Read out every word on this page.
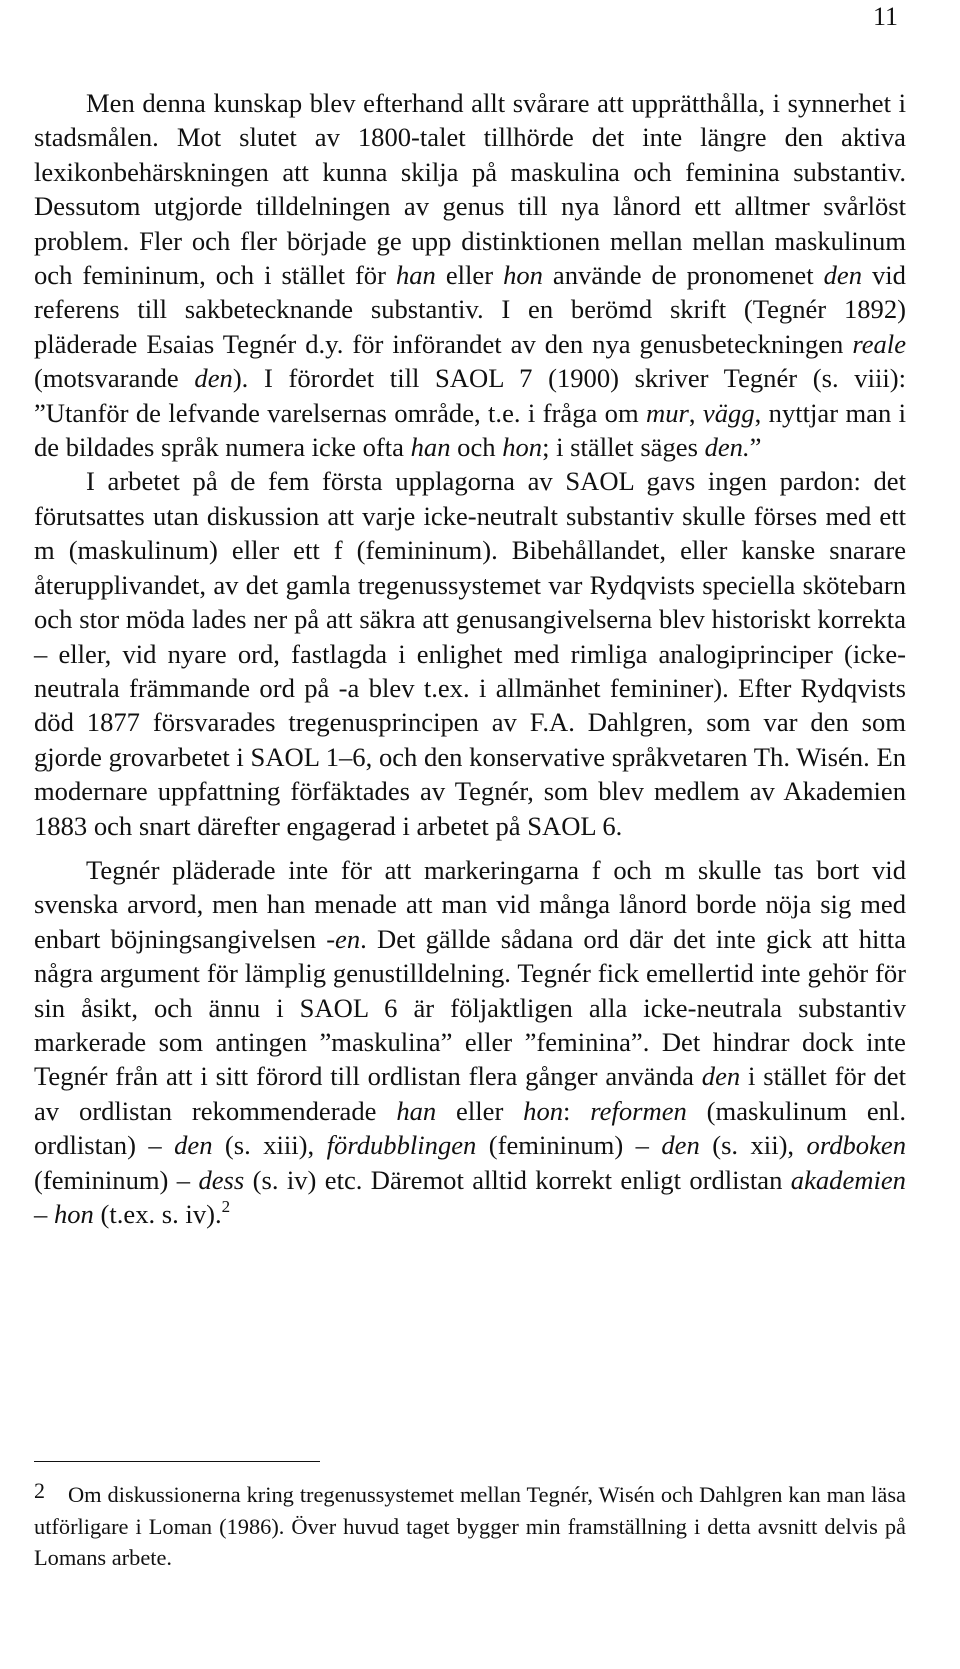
11

Men denna kunskap blev efterhand allt svårare att upprätthålla, i synnerhet i stadsmålen. Mot slutet av 1800-talet tillhörde det inte längre den aktiva lexikonbehärskningen att kunna skilja på maskulina och feminina substantiv. Dessutom utgjorde tilldelningen av genus till nya lånord ett alltmer svårlöst problem. Fler och fler började ge upp distinktionen mellan mellan maskulinum och femininum, och i stället för han eller hon använde de pronomenet den vid referens till sakbetecknande substantiv. I en berömd skrift (Tegnér 1892) pläderade Esaias Tegnér d.y. för införandet av den nya genusbeteckningen reale (motsvarande den). I förordet till SAOL 7 (1900) skriver Tegnér (s. viii): ”Utanför de lefvande varelsernas område, t.e. i fråga om mur, vägg, nyttjar man i de bildades språk numera icke ofta han och hon; i stället säges den.”

I arbetet på de fem första upplagorna av SAOL gavs ingen pardon: det förutsattes utan diskussion att varje icke-neutralt substantiv skulle förses med ett m (maskulinum) eller ett f (femininum). Bibehållandet, eller kanske snarare återupplivandet, av det gamla tregenussystemet var Rydqvists speciella skötebarn och stor möda lades ner på att säkra att genusangivelserna blev historiskt korrekta – eller, vid nyare ord, fastlagda i enlighet med rimliga analogiprinciper (icke-neutrala främmande ord på -a blev t.ex. i allmänhet femininer). Efter Rydqvists död 1877 försvarades tregenusprincipen av F.A. Dahlgren, som var den som gjorde grovarbetet i SAOL 1–6, och den konservative språkvetaren Th. Wisén. En modernare uppfattning förfäktades av Tegnér, som blev medlem av Akademien 1883 och snart därefter engagerad i arbetet på SAOL 6.

Tegnér pläderade inte för att markeringarna f och m skulle tas bort vid svenska arvord, men han menade att man vid många lånord borde nöja sig med enbart böjningsangivelsen -en. Det gällde sådana ord där det inte gick att hitta några argument för lämplig genustilldelning. Tegnér fick emellertid inte gehör för sin åsikt, och ännu i SAOL 6 är följaktligen alla icke-neutrala substantiv markerade som antingen ”maskulina” eller ”feminina”. Det hindrar dock inte Tegnér från att i sitt förord till ordlistan flera gånger använda den i stället för det av ordlistan rekommenderade han eller hon: reformen (maskulinum enl. ordlistan) – den (s. xiii), fördubblingen (femininum) – den (s. xii), ordboken (femininum) – dess (s. iv) etc. Däremot alltid korrekt enligt ordlistan akademien – hon (t.ex. s. iv).$^2$

2 Om diskussionerna kring tregenussystemet mellan Tegnér, Wisén och Dahlgren kan man läsa utförligare i Loman (1986). Över huvud taget bygger min framställning i detta avsnitt delvis på Lomans arbete.
